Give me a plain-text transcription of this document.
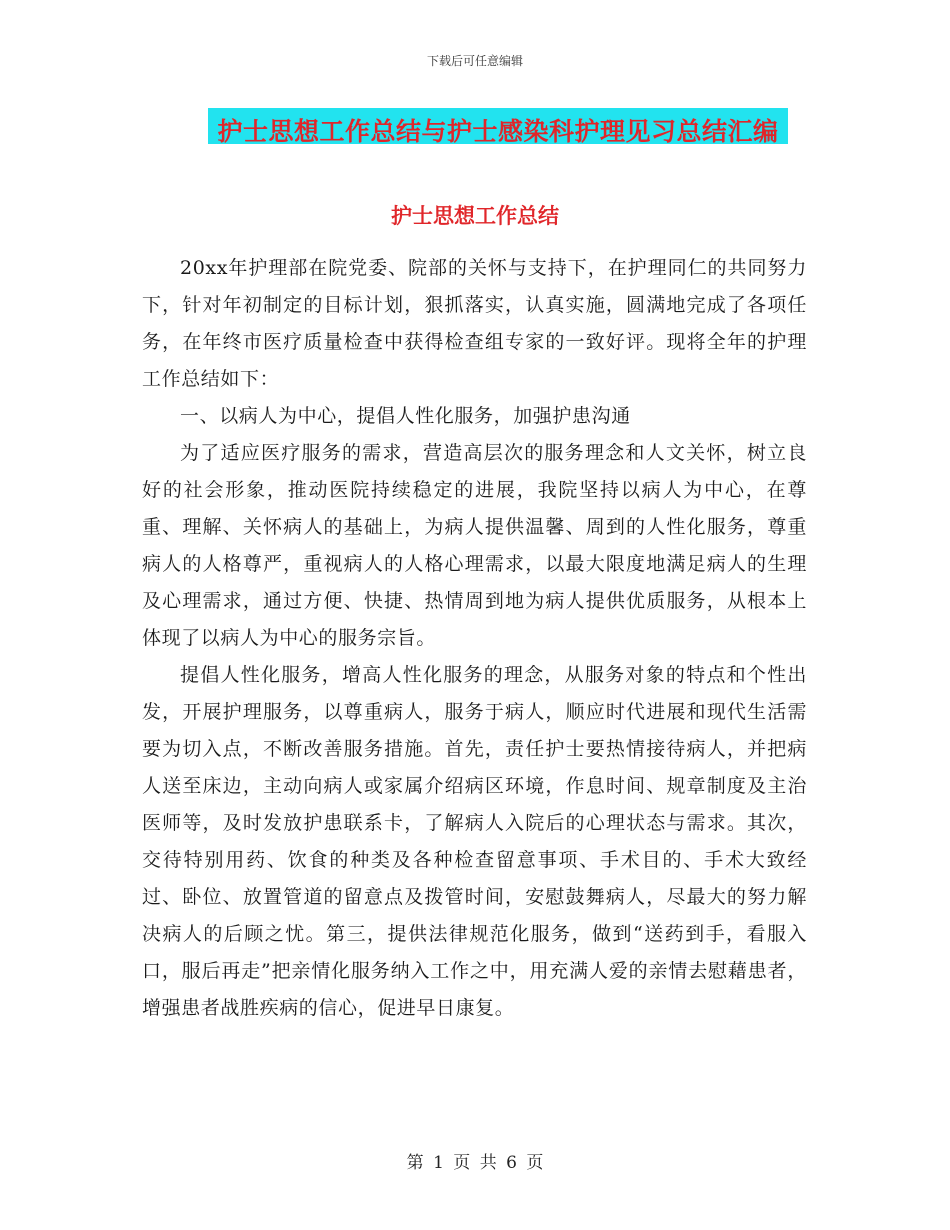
下载后可任意编辑
护士思想工作总结与护士感染科护理见习总结汇编
护士思想工作总结

20xx年护理部在院党委、院部的关怀与支持下，在护理同仁的共同努力下，针对年初制定的目标计划，狠抓落实，认真实施，圆满地完成了各项任务，在年终市医疗质量检查中获得检查组专家的一致好评。现将全年的护理工作总结如下：

一、以病人为中心，提倡人性化服务，加强护患沟通

为了适应医疗服务的需求，营造高层次的服务理念和人文关怀，树立良好的社会形象，推动医院持续稳定的进展，我院坚持以病人为中心，在尊重、理解、关怀病人的基础上，为病人提供温馨、周到的人性化服务，尊重病人的人格尊严，重视病人的人格心理需求，以最大限度地满足病人的生理及心理需求，通过方便、快捷、热情周到地为病人提供优质服务，从根本上体现了以病人为中心的服务宗旨。

提倡人性化服务，增高人性化服务的理念，从服务对象的特点和个性出发，开展护理服务，以尊重病人，服务于病人，顺应时代进展和现代生活需要为切入点，不断改善服务措施。首先，责任护士要热情接待病人，并把病人送至床边，主动向病人或家属介绍病区环境，作息时间、规章制度及主治医师等，及时发放护患联系卡，了解病人入院后的心理状态与需求。其次，交待特别用药、饮食的种类及各种检查留意事项、手术目的、手术大致经过、卧位、放置管道的留意点及拨管时间，安慰鼓舞病人，尽最大的努力解决病人的后顾之忧。第三，提供法律规范化服务，做到“送药到手，看服入口，服后再走”把亲情化服务纳入工作之中，用充满人爱的亲情去慰藉患者，增强患者战胜疾病的信心，促进早日康复。

第 1 页 共 6 页
